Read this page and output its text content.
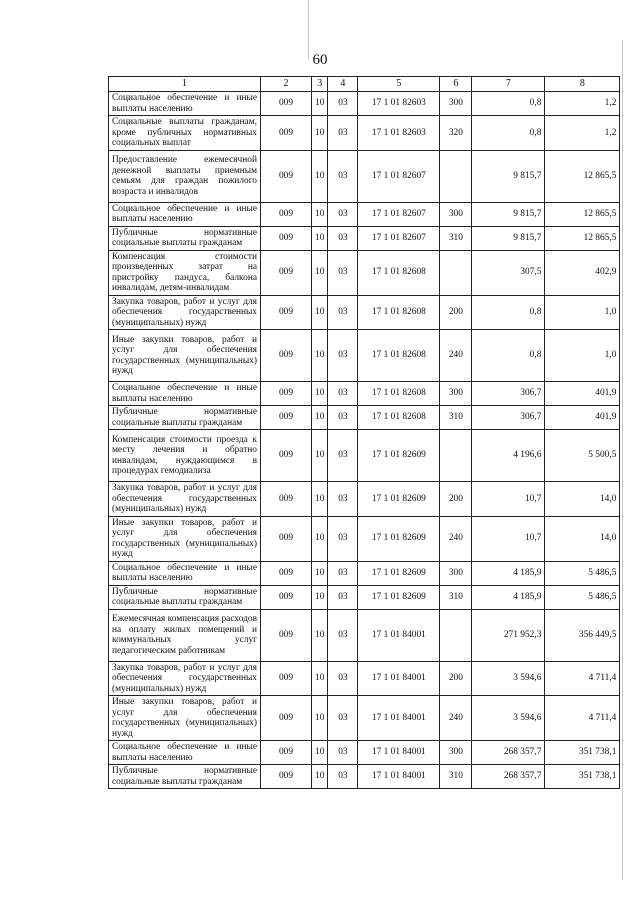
60
1	2	3	4	5	6	7	8
Социальное обеспечение и иные выплаты населению	009	10	03	17 1 01 82603	300	0,8	1,2
Социальные выплаты гражданам, кроме публичных нормативных социальных выплат	009	10	03	17 1 01 82603	320	0,8	1,2
Предоставление ежемесячной денежной выплаты приемным семьям для граждан пожилого возраста и инвалидов	009	10	03	17 1 01 82607		9 815,7	12 865,5
Социальное обеспечение и иные выплаты населению	009	10	03	17 1 01 82607	300	9 815,7	12 865,5
Публичные нормативные социальные выплаты гражданам	009	10	03	17 1 01 82607	310	9 815,7	12 865,5
Компенсация стоимости произведенных затрат на пристройку пандуса, балкона инвалидам, детям-инвалидам	009	10	03	17 1 01 82608		307,5	402,9
Закупка товаров, работ и услуг для обеспечения государственных (муниципальных) нужд	009	10	03	17 1 01 82608	200	0,8	1,0
Иные закупки товаров, работ и услуг для обеспечения государственных (муниципальных) нужд	009	10	03	17 1 01 82608	240	0,8	1,0
Социальное обеспечение и иные выплаты населению	009	10	03	17 1 01 82608	300	306,7	401,9
Публичные нормативные социальные выплаты гражданам	009	10	03	17 1 01 82608	310	306,7	401,9
Компенсация стоимости проезда к месту лечения и обратно инвалидам, нуждающимся в процедурах гемодиализа	009	10	03	17 1 01 82609		4 196,6	5 500,5
Закупка товаров, работ и услуг для обеспечения государственных (муниципальных) нужд	009	10	03	17 1 01 82609	200	10,7	14,0
Иные закупки товаров, работ и услуг для обеспечения государственных (муниципальных) нужд	009	10	03	17 1 01 82609	240	10,7	14,0
Социальное обеспечение и иные выплаты населению	009	10	03	17 1 01 82609	300	4 185,9	5 486,5
Публичные нормативные социальные выплаты гражданам	009	10	03	17 1 01 82609	310	4 185,9	5 486,5
Ежемесячная компенсация расходов на оплату жилых помещений и коммунальных услуг педагогическим работникам	009	10	03	17 1 01 84001		271 952,3	356 449,5
Закупка товаров, работ и услуг для обеспечения государственных (муниципальных) нужд	009	10	03	17 1 01 84001	200	3 594,6	4 711,4
Иные закупки товаров, работ и услуг для обеспечения государственных (муниципальных) нужд	009	10	03	17 1 01 84001	240	3 594,6	4 711,4
Социальное обеспечение и иные выплаты населению	009	10	03	17 1 01 84001	300	268 357,7	351 738,1
Публичные нормативные социальные выплаты гражданам	009	10	03	17 1 01 84001	310	268 357,7	351 738,1
